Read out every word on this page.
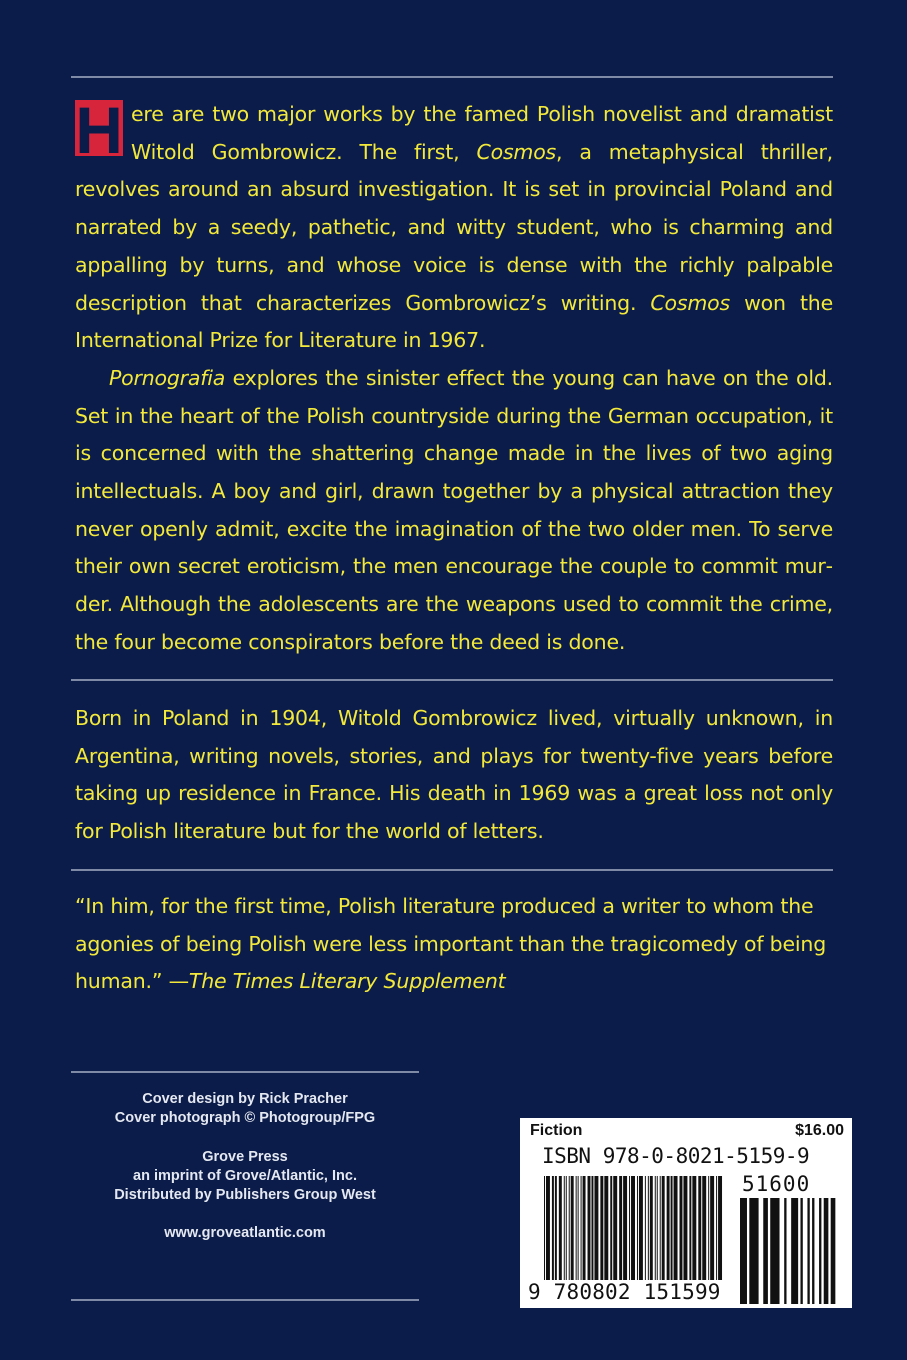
H ere are two major works by the famed Polish novelist and dramatist Witold Gombrowicz. The first, Cosmos, a metaphysical thriller, revolves around an absurd investigation. It is set in provincial Poland and narrated by a seedy, pathetic, and witty student, who is charming and appalling by turns, and whose voice is dense with the richly palpable description that characterizes Gombrowicz’s writing. Cosmos won the International Prize for Literature in 1967.

Pornografia explores the sinister effect the young can have on the old. Set in the heart of the Polish countryside during the German occupation, it is concerned with the shattering change made in the lives of two aging intellectuals. A boy and girl, drawn together by a physical attraction they never openly admit, excite the imagination of the two older men. To serve their own secret eroticism, the men encourage the couple to commit murder. Although the adolescents are the weapons used to commit the crime, the four become conspirators before the deed is done.

Born in Poland in 1904, Witold Gombrowicz lived, virtually unknown, in Argentina, writing novels, stories, and plays for twenty-five years before taking up residence in France. His death in 1969 was a great loss not only for Polish literature but for the world of letters.

“In him, for the first time, Polish literature produced a writer to whom the agonies of being Polish were less important than the tragicomedy of being human.” —The Times Literary Supplement

Cover design by Rick Pracher
Cover photograph © Photogroup/FPG
Grove Press
an imprint of Grove/Atlantic, Inc.
Distributed by Publishers Group West
www.groveatlantic.com
Fiction	$16.00
ISBN 978-0-8021-5159-9
51600
9 780802 151599
